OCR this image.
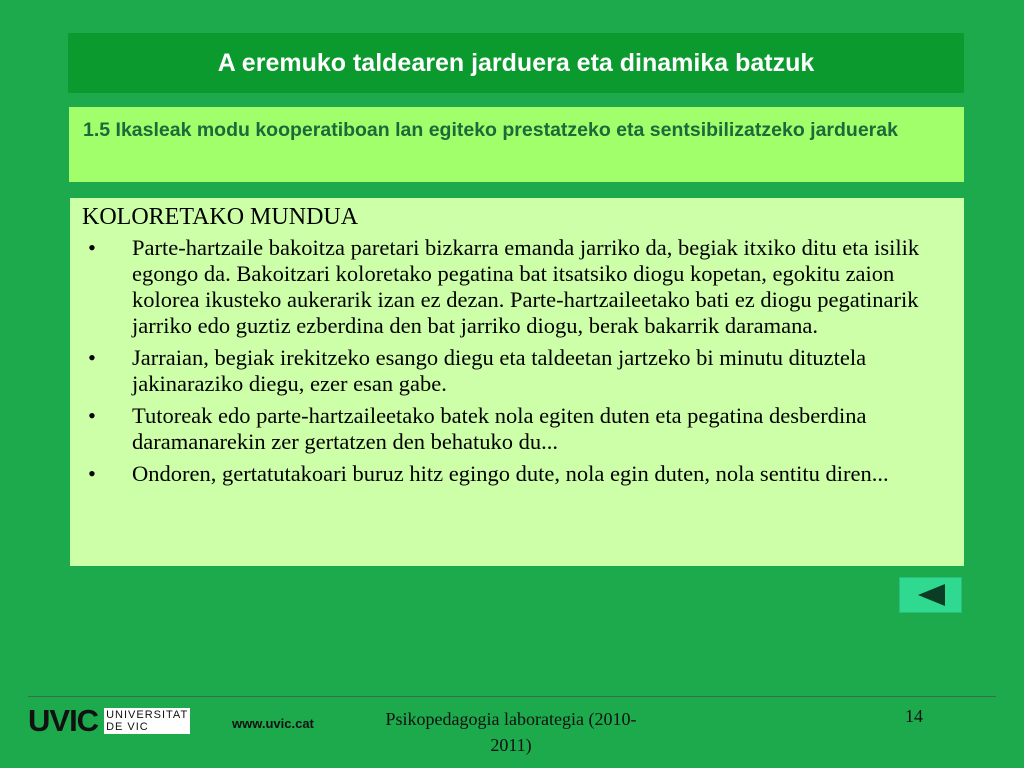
A eremuko taldearen jarduera eta dinamika batzuk
1.5 Ikasleak modu kooperatiboan lan egiteko prestatzeko eta sentsibilizatzeko jarduerak
KOLORETAKO MUNDUA
• Parte-hartzaile bakoitza paretari bizkarra emanda jarriko da, begiak itxiko ditu eta isilik egongo da. Bakoitzari koloretako pegatina bat itsatsiko diogu kopetan, egokitu zaion kolorea ikusteko aukerarik izan ez dezan. Parte-hartzaileetako bati ez diogu pegatinarik jarriko edo guztiz ezberdina den bat jarriko diogu, berak bakarrik daramana.
• Jarraian, begiak irekitzeko esango diegu eta taldeetan jartzeko bi minutu dituztela jakinaraziko diegu, ezer esan gabe.
• Tutoreak edo parte-hartzaileetako batek nola egiten duten eta pegatina desberdina daramanarekin zer gertatzen den behatuko du...
• Ondoren, gertatutakoari buruz hitz egingo dute, nola egin duten, nola sentitu diren...
UVIC UNIVERSITAT
DE VIC	www.uvic.cat	Psikopedagogia laborategia (2010-2011)
14
